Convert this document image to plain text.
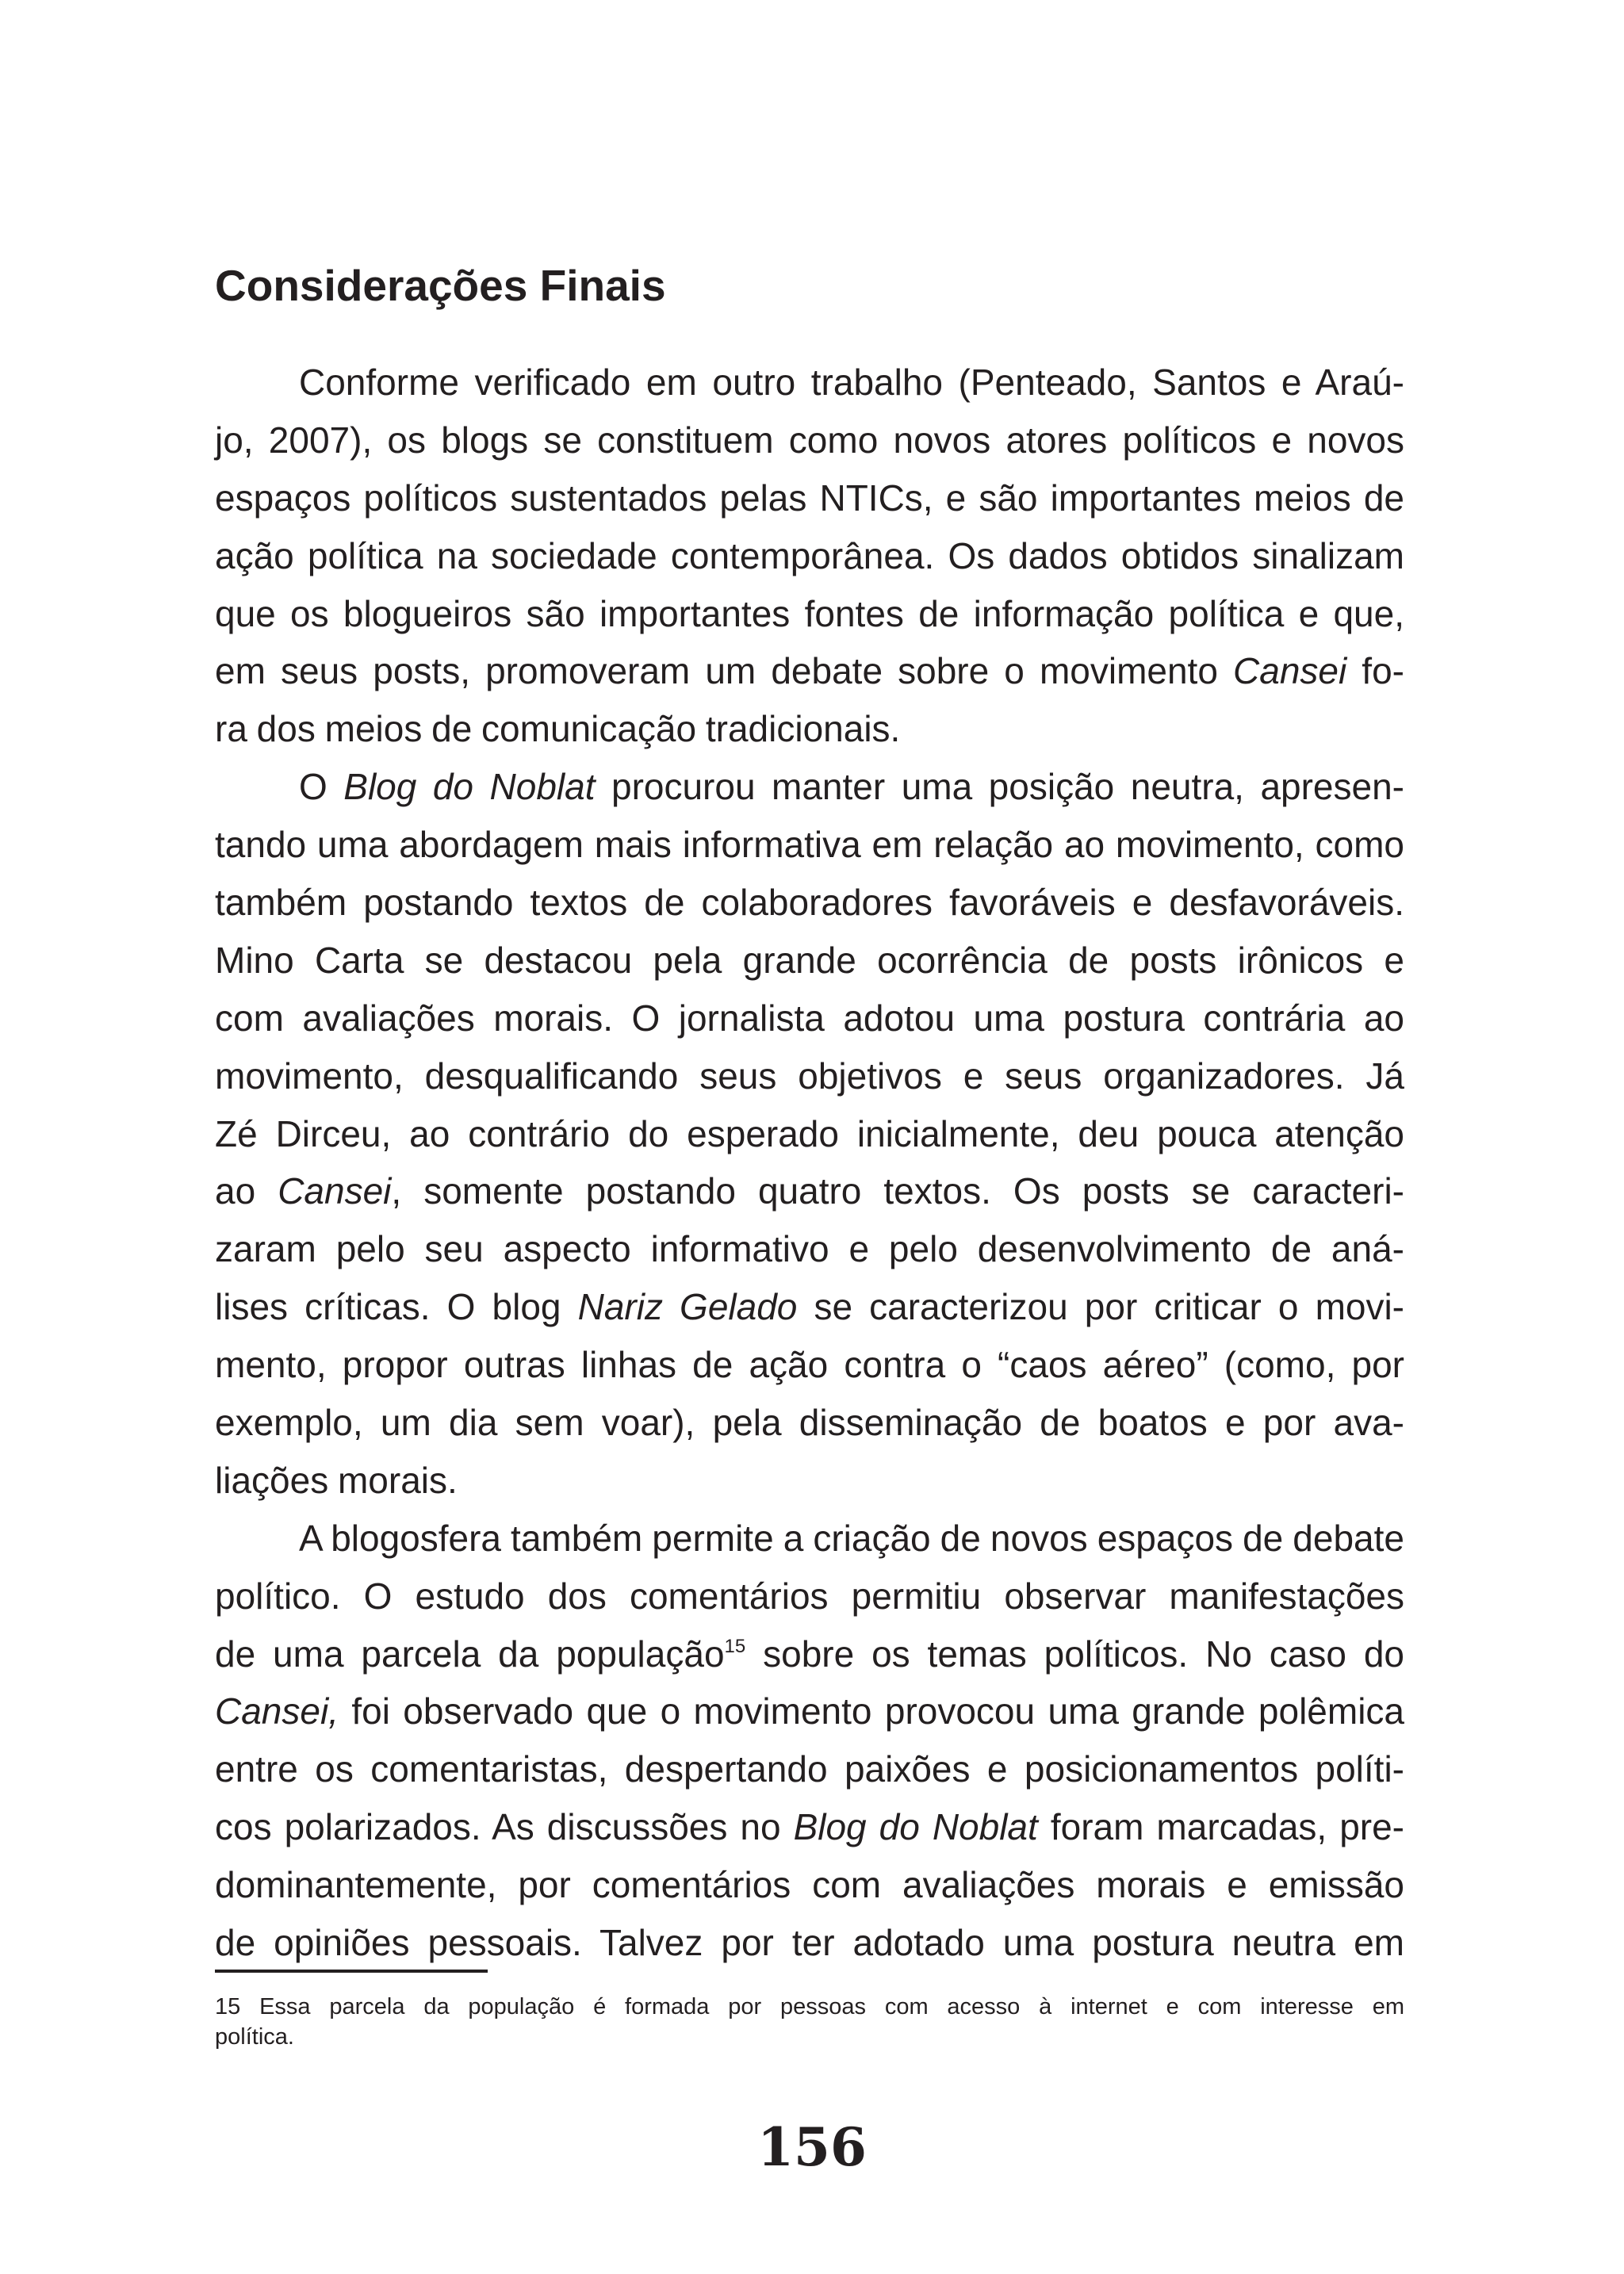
Considerações Finais
Conforme verificado em outro trabalho (Penteado, Santos e Araú-
jo, 2007), os blogs se constituem como novos atores políticos e novos
espaços políticos sustentados pelas NTICs, e são importantes meios de
ação política na sociedade contemporânea. Os dados obtidos sinalizam
que os blogueiros são importantes fontes de informação política e que,
em seus posts, promoveram um debate sobre o movimento Cansei fo-
ra dos meios de comunicação tradicionais.
O Blog do Noblat procurou manter uma posição neutra, apresen-
tando uma abordagem mais informativa em relação ao movimento, como
também postando textos de colaboradores favoráveis e desfavoráveis.
Mino Carta se destacou pela grande ocorrência de posts irônicos e
com avaliações morais. O jornalista adotou uma postura contrária ao
movimento, desqualificando seus objetivos e seus organizadores. Já
Zé Dirceu, ao contrário do esperado inicialmente, deu pouca atenção
ao Cansei, somente postando quatro textos. Os posts se caracteri-
zaram pelo seu aspecto informativo e pelo desenvolvimento de aná-
lises críticas. O blog Nariz Gelado se caracterizou por criticar o movi-
mento, propor outras linhas de ação contra o “caos aéreo” (como, por
exemplo, um dia sem voar), pela disseminação de boatos e por ava-
liações morais.
A blogosfera também permite a criação de novos espaços de debate
político. O estudo dos comentários permitiu observar manifestações
de uma parcela da população$^{15}$ sobre os temas políticos. No caso do
Cansei, foi observado que o movimento provocou uma grande polêmica
entre os comentaristas, despertando paixões e posicionamentos políti-
cos polarizados. As discussões no Blog do Noblat foram marcadas, pre-
dominantemente, por comentários com avaliações morais e emissão
de opiniões pessoais. Talvez por ter adotado uma postura neutra em
15 Essa parcela da população é formada por pessoas com acesso à internet e com interesse em
política.
156
